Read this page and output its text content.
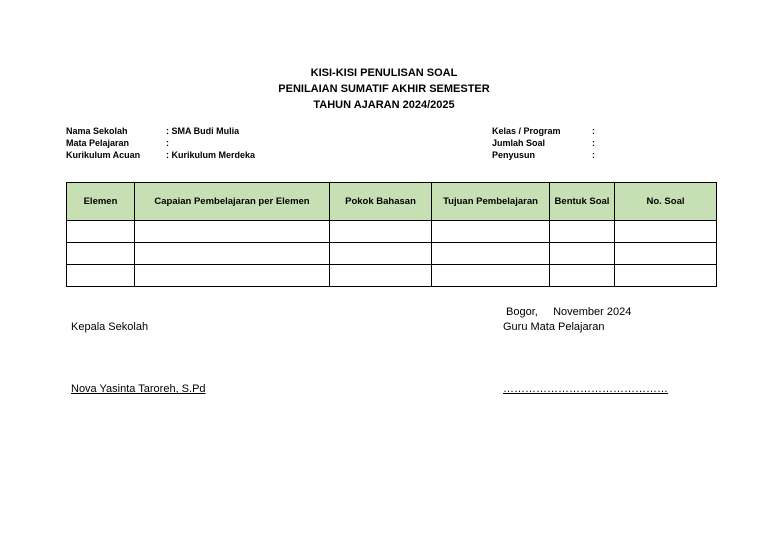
KISI-KISI PENULISAN SOAL
PENILAIAN SUMATIF AKHIR SEMESTER
TAHUN AJARAN 2024/2025
Nama Sekolah	: SMA Budi Mulia
Mata Pelajaran	:
Kurikulum Acuan	: Kurikulum Merdeka
Kelas / Program	:
Jumlah Soal	:
Penyusun	:
Elemen	Capaian Pembelajaran per Elemen	Pokok Bahasan	Tujuan Pembelajaran	Bentuk Soal	No. Soal

Bogor,     November 2024
Kepala Sekolah	Guru Mata Pelajaran
Nova Yasinta Taroreh, S.Pd	………………………………………
